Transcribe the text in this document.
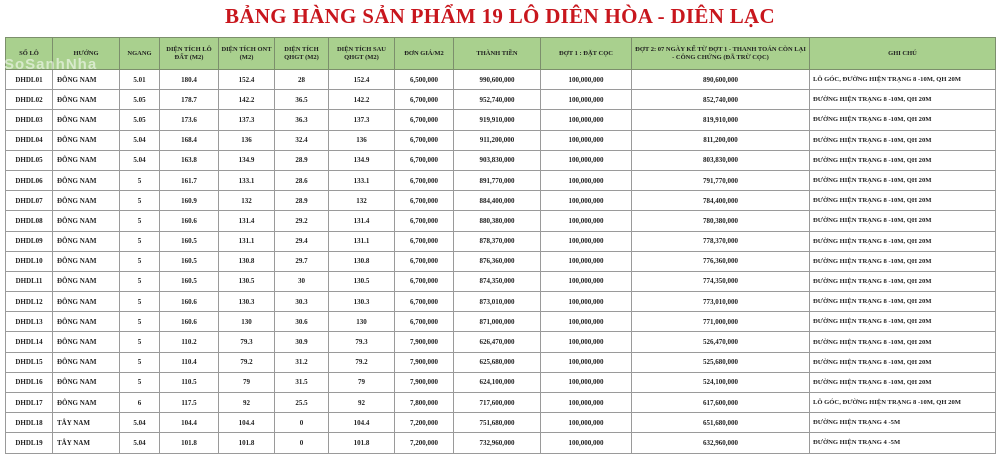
BẢNG HÀNG SẢN PHẨM 19 LÔ DIÊN HÒA - DIÊN LẠC
SỐ LÔ	HƯỚNG	NGANG	DIỆN TÍCH LÔ ĐẤT (M2)	DIỆN TÍCH ONT (M2)	DIỆN TÍCH QHGT (M2)	DIỆN TÍCH SAU QHGT (M2)	ĐƠN GIÁ/M2	THÀNH TIỀN	ĐỢT 1 : ĐẶT CỌC	ĐỢT 2: 07 NGÀY KỂ TỪ ĐỢT 1 - THANH TOÁN CÒN LẠI - CÔNG CHỨNG (ĐÃ TRỪ CỌC)	GHI CHÚ
DHDL01	ĐÔNG NAM	5.01	180.4	152.4	28	152.4	6,500,000	990,600,000	100,000,000	890,600,000	LÔ GÓC, ĐƯỜNG HIỆN TRẠNG 8 -10M, QH 20M
DHDL02	ĐÔNG NAM	5.05	178.7	142.2	36.5	142.2	6,700,000	952,740,000	100,000,000	852,740,000	ĐƯỜNG HIỆN TRẠNG 8 -10M, QH 20M
DHDL03	ĐÔNG NAM	5.05	173.6	137.3	36.3	137.3	6,700,000	919,910,000	100,000,000	819,910,000	ĐƯỜNG HIỆN TRẠNG 8 -10M, QH 20M
DHDL04	ĐÔNG NAM	5.04	168.4	136	32.4	136	6,700,000	911,200,000	100,000,000	811,200,000	ĐƯỜNG HIỆN TRẠNG 8 -10M, QH 20M
DHDL05	ĐÔNG NAM	5.04	163.8	134.9	28.9	134.9	6,700,000	903,830,000	100,000,000	803,830,000	ĐƯỜNG HIỆN TRẠNG 8 -10M, QH 20M
DHDL06	ĐÔNG NAM	5	161.7	133.1	28.6	133.1	6,700,000	891,770,000	100,000,000	791,770,000	ĐƯỜNG HIỆN TRẠNG 8 -10M, QH 20M
DHDL07	ĐÔNG NAM	5	160.9	132	28.9	132	6,700,000	884,400,000	100,000,000	784,400,000	ĐƯỜNG HIỆN TRẠNG 8 -10M, QH 20M
DHDL08	ĐÔNG NAM	5	160.6	131.4	29.2	131.4	6,700,000	880,380,000	100,000,000	780,380,000	ĐƯỜNG HIỆN TRẠNG 8 -10M, QH 20M
DHDL09	ĐÔNG NAM	5	160.5	131.1	29.4	131.1	6,700,000	878,370,000	100,000,000	778,370,000	ĐƯỜNG HIỆN TRẠNG 8 -10M, QH 20M
DHDL10	ĐÔNG NAM	5	160.5	130.8	29.7	130.8	6,700,000	876,360,000	100,000,000	776,360,000	ĐƯỜNG HIỆN TRẠNG 8 -10M, QH 20M
DHDL11	ĐÔNG NAM	5	160.5	130.5	30	130.5	6,700,000	874,350,000	100,000,000	774,350,000	ĐƯỜNG HIỆN TRẠNG 8 -10M, QH 20M
DHDL12	ĐÔNG NAM	5	160.6	130.3	30.3	130.3	6,700,000	873,010,000	100,000,000	773,010,000	ĐƯỜNG HIỆN TRẠNG 8 -10M, QH 20M
DHDL13	ĐÔNG NAM	5	160.6	130	30.6	130	6,700,000	871,000,000	100,000,000	771,000,000	ĐƯỜNG HIỆN TRẠNG 8 -10M, QH 20M
DHDL14	ĐÔNG NAM	5	110.2	79.3	30.9	79.3	7,900,000	626,470,000	100,000,000	526,470,000	ĐƯỜNG HIỆN TRẠNG 8 -10M, QH 20M
DHDL15	ĐÔNG NAM	5	110.4	79.2	31.2	79.2	7,900,000	625,680,000	100,000,000	525,680,000	ĐƯỜNG HIỆN TRẠNG 8 -10M, QH 20M
DHDL16	ĐÔNG NAM	5	110.5	79	31.5	79	7,900,000	624,100,000	100,000,000	524,100,000	ĐƯỜNG HIỆN TRẠNG 8 -10M, QH 20M
DHDL17	ĐÔNG NAM	6	117.5	92	25.5	92	7,800,000	717,600,000	100,000,000	617,600,000	LÔ GÓC, ĐƯỜNG HIỆN TRẠNG 8 -10M, QH 20M
DHDL18	TÂY NAM	5.04	104.4	104.4	0	104.4	7,200,000	751,680,000	100,000,000	651,680,000	ĐƯỜNG HIỆN TRẠNG 4 -5M
DHDL19	TÂY NAM	5.04	101.8	101.8	0	101.8	7,200,000	732,960,000	100,000,000	632,960,000	ĐƯỜNG HIỆN TRẠNG 4 -5M
SoSanhNha
